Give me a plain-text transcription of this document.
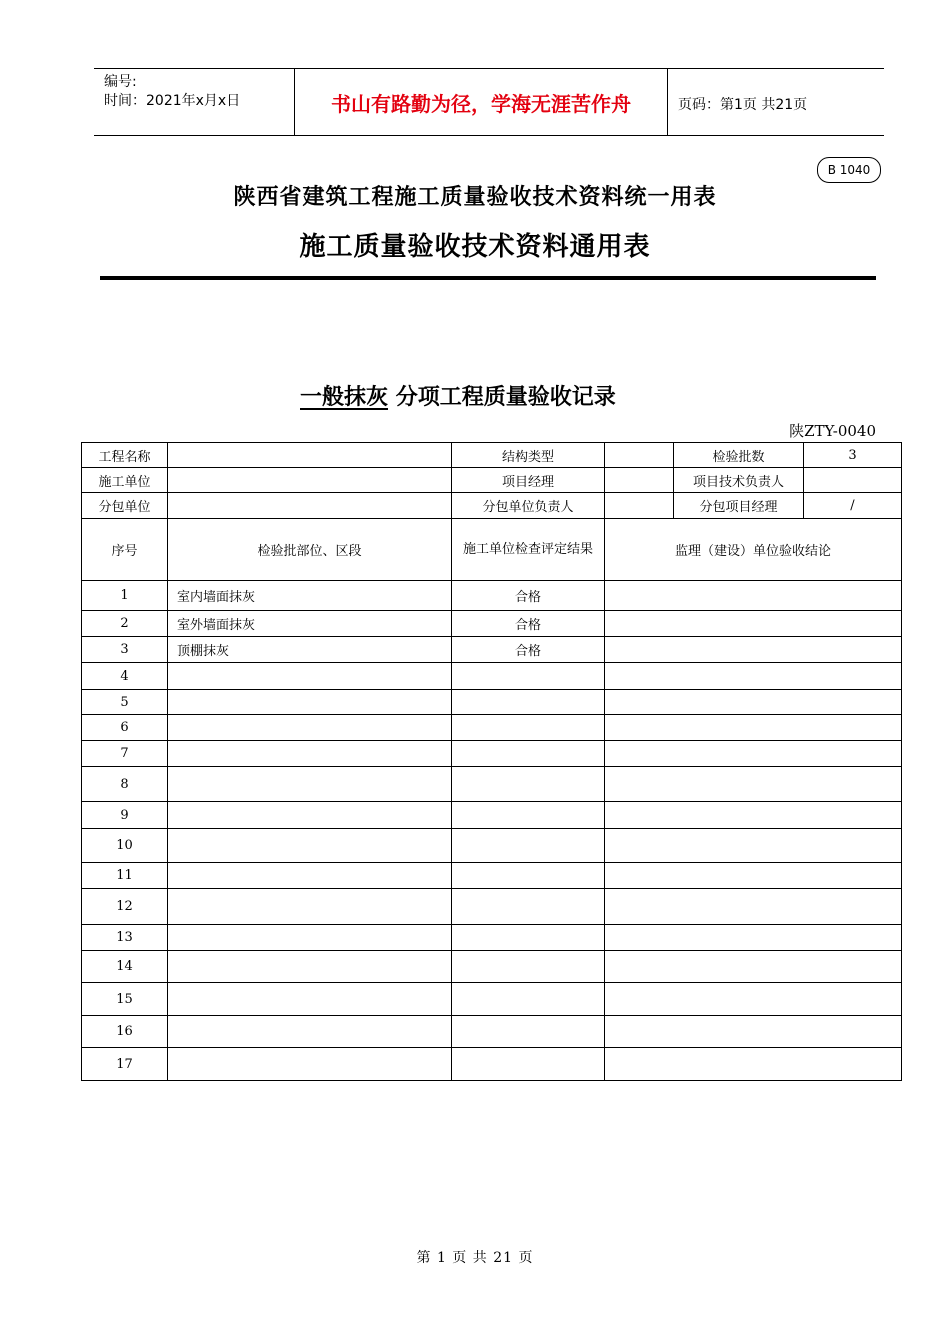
编号:
时间：2021年x月x日	书山有路勤为径，学海无涯苦作舟	页码：第1页 共21页
B 1040
陕西省建筑工程施工质量验收技术资料统一用表
施工质量验收技术资料通用表
一般抹灰 分项工程质量验收记录
陕ZTY-0040
工程名称		结构类型		检验批数	3
施工单位		项目经理		项目技术负责人	
分包单位		分包单位负责人		分包项目经理	/
序号	检验批部位、区段	施工单位检查评定结果	监理（建设）单位验收结论		
1	室内墙面抹灰	合格			
2	室外墙面抹灰	合格			
3	顶棚抹灰	合格			
4					
5					
6					
7					
8					
9					
10					
11					
12					
13					
14					
15					
16					
17					
第 1 页 共 21 页
